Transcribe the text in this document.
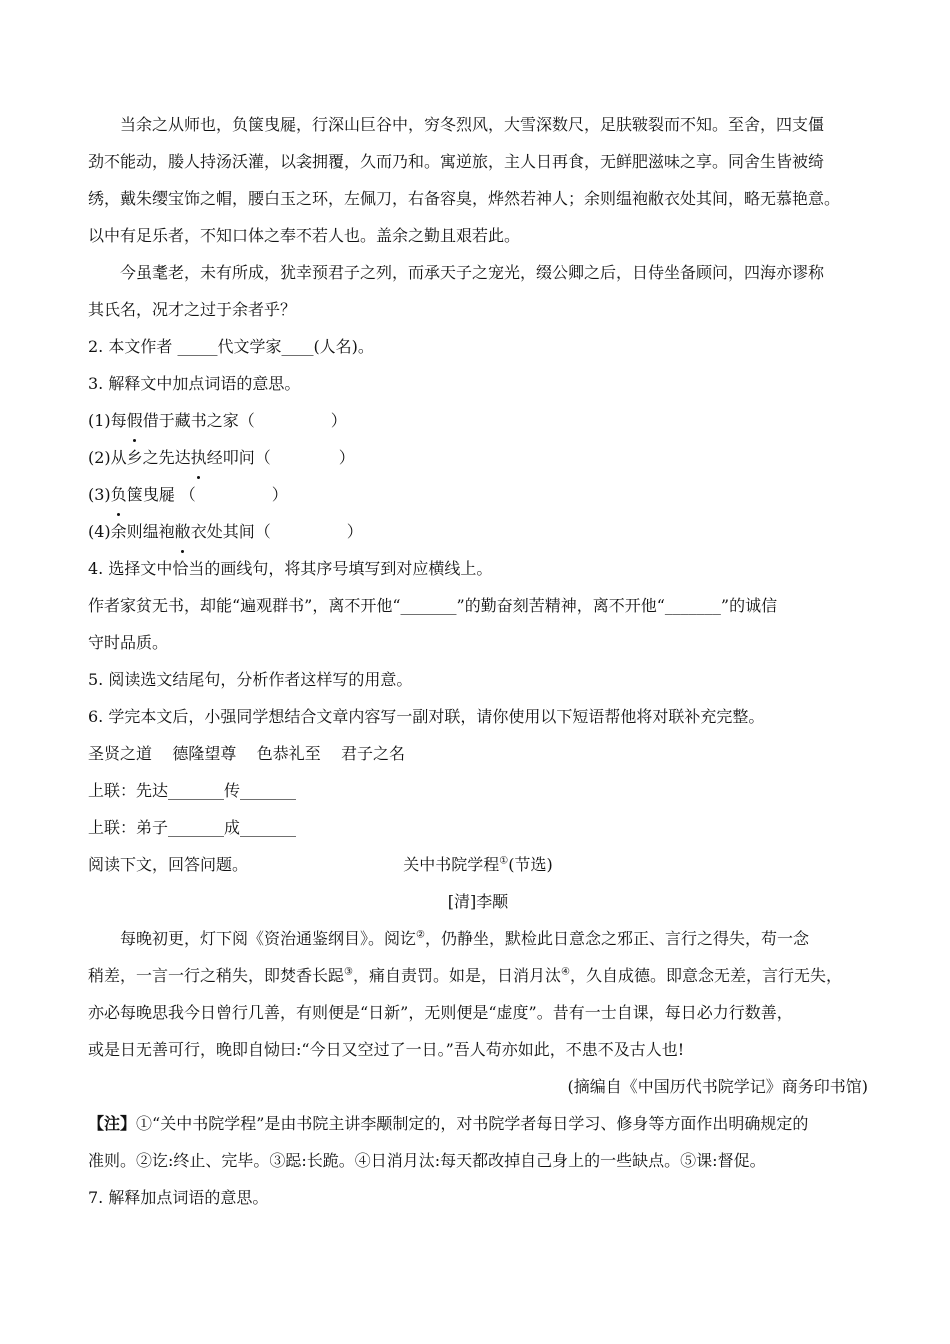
当余之从师也，负箧曳屣，行深山巨谷中，穷冬烈风，大雪深数尺，足肤皲裂而不知。至舍，四支僵

劲不能动，媵人持汤沃灌，以衾拥覆，久而乃和。寓逆旅，主人日再食，无鲜肥滋味之享。同舍生皆被绮

绣，戴朱缨宝饰之帽，腰白玉之环，左佩刀，右备容臭，烨然若神人；余则缊袍敝衣处其间，略无慕艳意。

以中有足乐者，不知口体之奉不若人也。盖余之勤且艰若此。

今虽耄老，未有所成，犹幸预君子之列，而承天子之宠光，缀公卿之后，日侍坐备顾问，四海亦谬称

其氏名，况才之过于余者乎？

2. 本文作者 _____代文学家____(人名)。

3. 解释文中加点词语的意思。

(1)每假借于藏书之家（	）

(2)从乡之先达执经叩问（	）

(3)负箧曳屣 （	）

(4)余则缊袍敝衣处其间（	）

4. 选择文中恰当的画线句，将其序号填写到对应横线上。

作者家贫无书，却能“遍观群书”，离不开他“_______”的勤奋刻苦精神，离不开他“_______”的诚信

守时品质。

5. 阅读选文结尾句，分析作者这样写的用意。

6. 学完本文后，小强同学想结合文章内容写一副对联，请你使用以下短语帮他将对联补充完整。

圣贤之道    德隆望尊    色恭礼至    君子之名

上联：先达_______传_______

上联：弟子_______成_______

阅读下文，回答问题。	关中书院学程①(节选)

[清]李颙

每晚初更，灯下阅《资治通鉴纲目》。阅讫②，仍静坐，默检此日意念之邪正、言行之得失，苟一念

稍差，一言一行之稍失，即焚香长跽③，痛自责罚。如是，日消月汰④，久自成德。即意念无差，言行无失，

亦必每晚思我今日曾行几善，有则便是“日新”，无则便是“虚度”。昔有一士自课，每日必力行数善，

或是日无善可行，晚即自恸曰:“今日又空过了一日。”吾人苟亦如此，不患不及古人也!

(摘编自《中国历代书院学记》商务印书馆)

【注】①“关中书院学程”是由书院主讲李颙制定的，对书院学者每日学习、修身等方面作出明确规定的

准则。②讫:终止、完毕。③跽:长跪。④日消月汰:每天都改掉自己身上的一些缺点。⑤课:督促。

7. 解释加点词语的意思。
